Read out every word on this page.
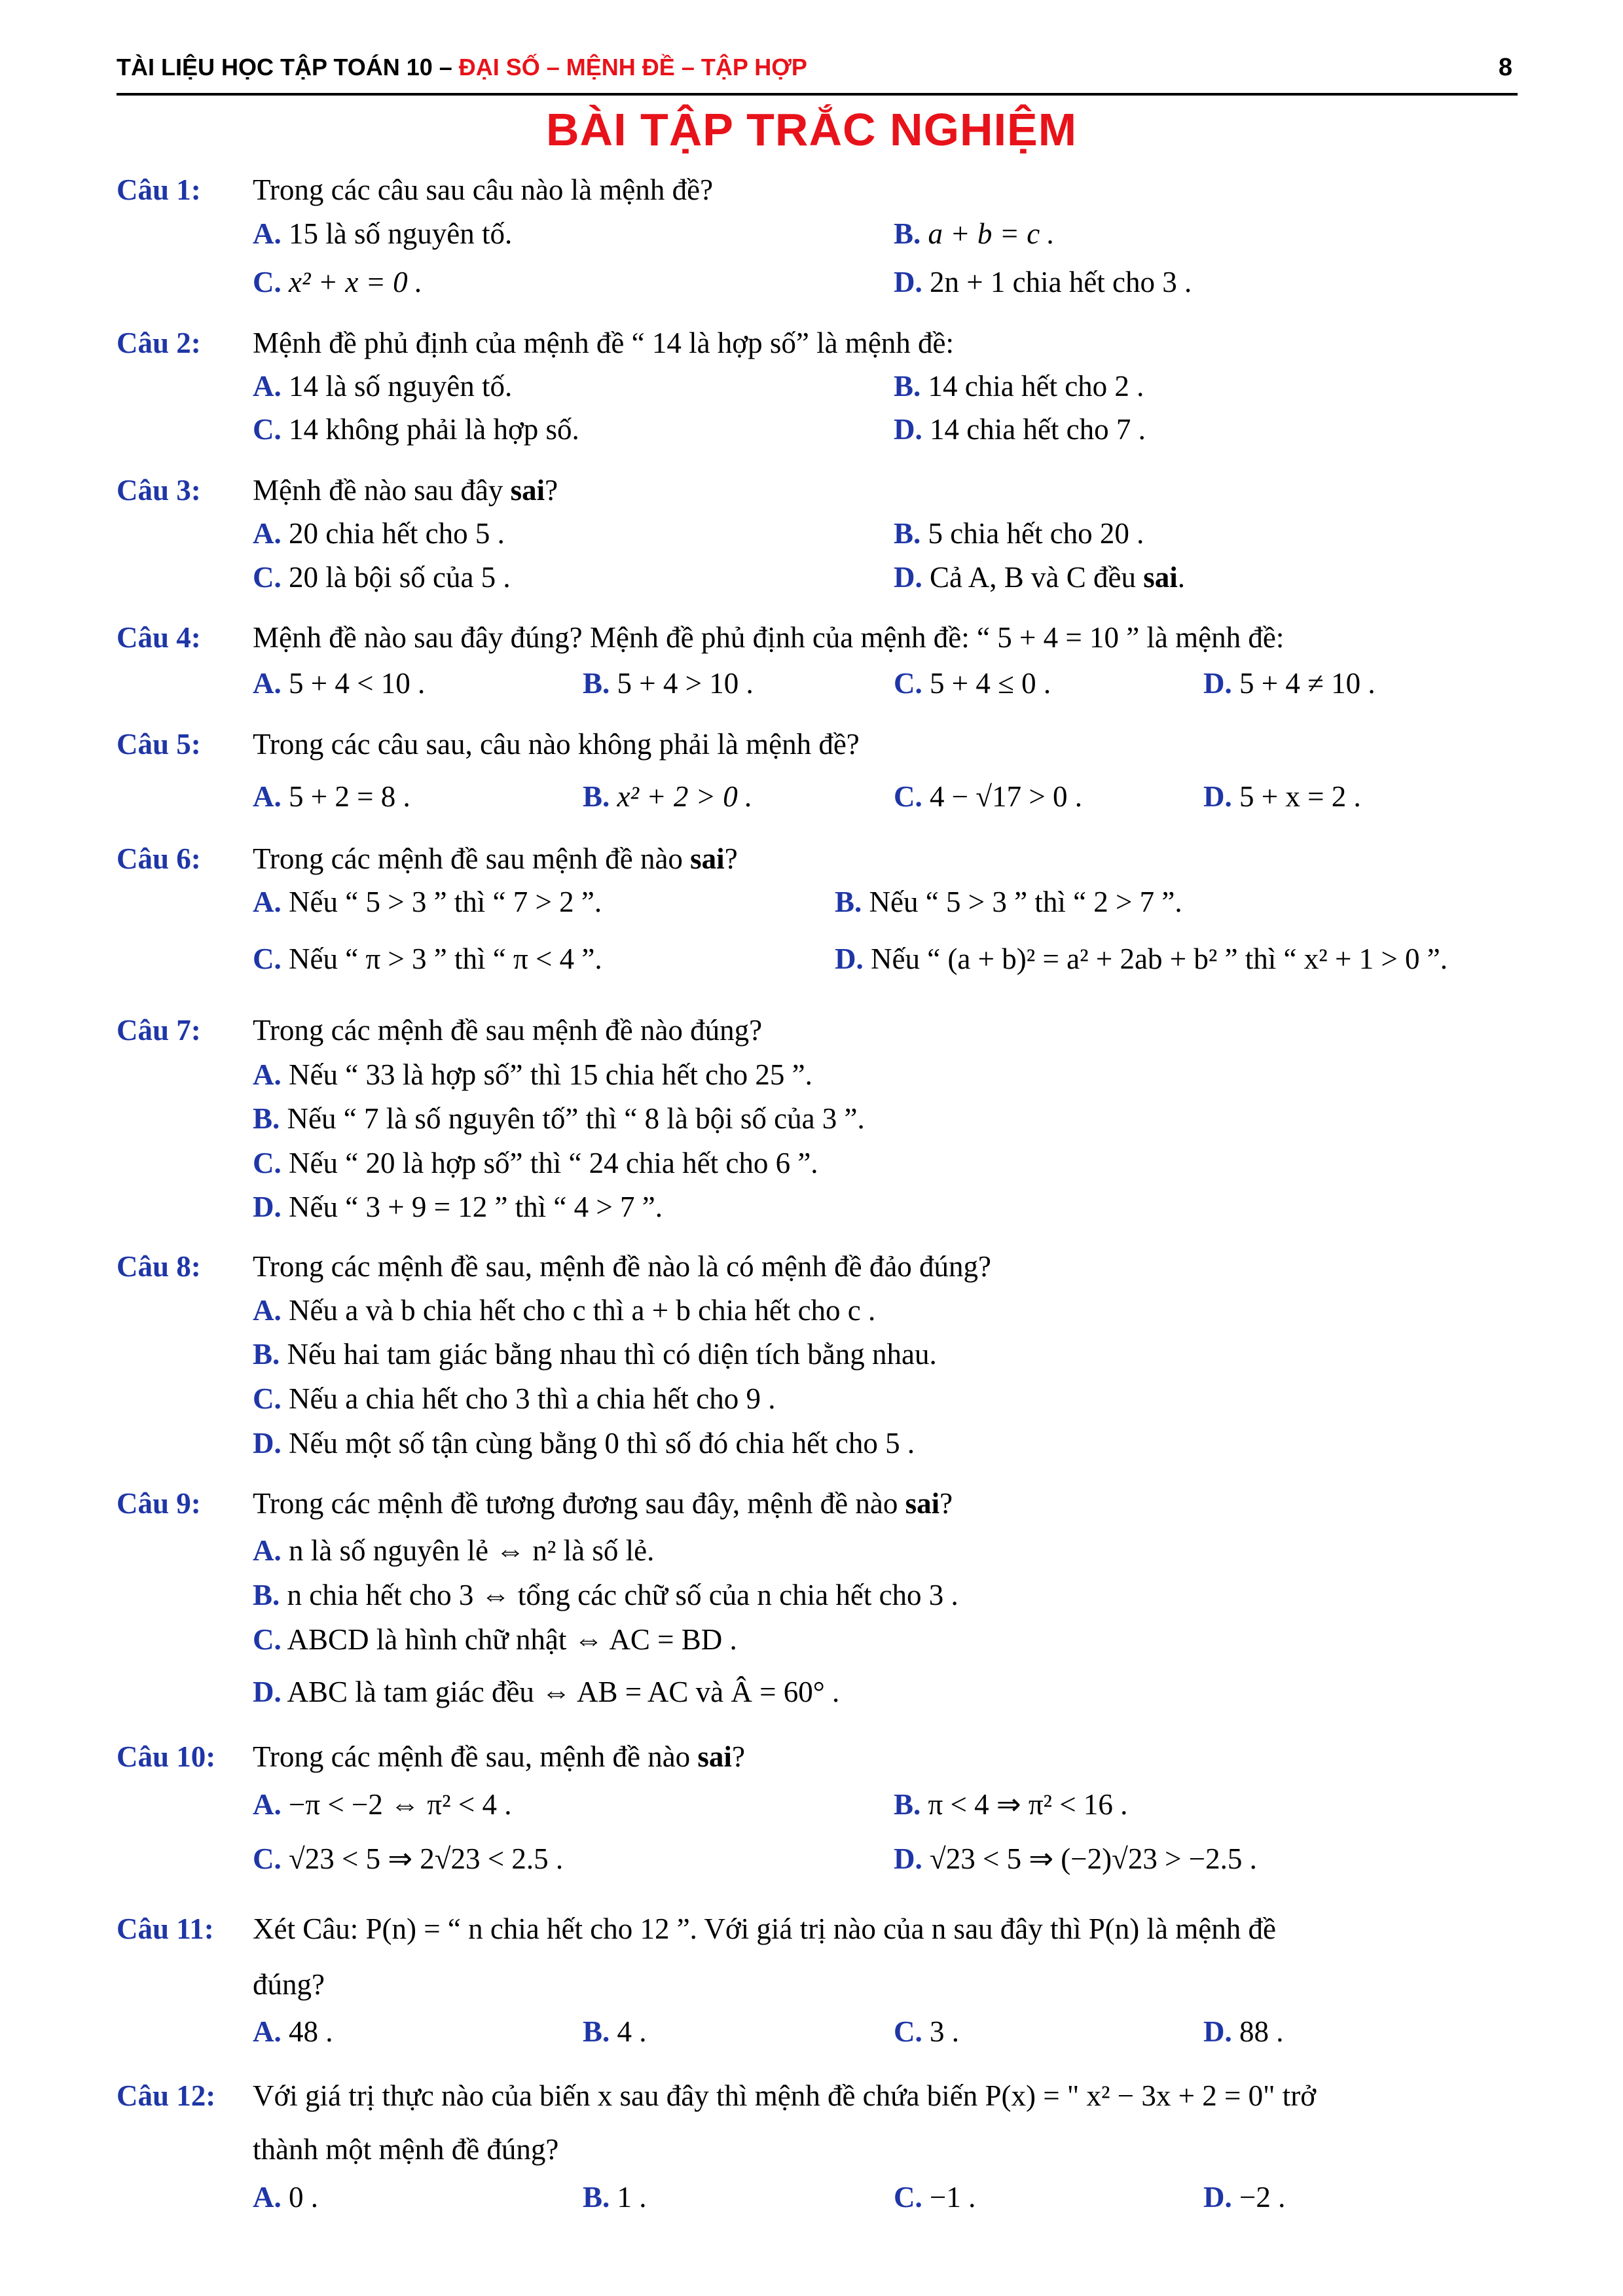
TÀI LIỆU HỌC TẬP TOÁN 10 – ĐẠI SỐ – MỆNH ĐỀ – TẬP HỢP	8
BÀI TẬP TRẮC NGHIỆM
Câu 1: Trong các câu sau câu nào là mệnh đề?
A. 15 là số nguyên tố.	B. a + b = c .
C. x² + x = 0 .	D. 2n + 1 chia hết cho 3 .
Câu 2: Mệnh đề phủ định của mệnh đề “ 14 là hợp số” là mệnh đề:
A. 14 là số nguyên tố.	B. 14 chia hết cho 2 .
C. 14 không phải là hợp số.	D. 14 chia hết cho 7 .
Câu 3: Mệnh đề nào sau đây sai?
A. 20 chia hết cho 5 .	B. 5 chia hết cho 20 .
C. 20 là bội số của 5 .	D. Cả A, B và C đều sai.
Câu 4: Mệnh đề nào sau đây đúng? Mệnh đề phủ định của mệnh đề: “ 5 + 4 = 10 ” là mệnh đề:
A. 5 + 4 < 10 .	B. 5 + 4 > 10 .	C. 5 + 4 ≤ 0 .	D. 5 + 4 ≠ 10 .
Câu 5: Trong các câu sau, câu nào không phải là mệnh đề?
A. 5 + 2 = 8 .	B. x² + 2 > 0 .	C. 4 − √17 > 0 .	D. 5 + x = 2 .
Câu 6: Trong các mệnh đề sau mệnh đề nào sai?
A. Nếu “ 5 > 3 ” thì “ 7 > 2 ”.	B. Nếu “ 5 > 3 ” thì “ 2 > 7 ”.
C. Nếu “ π > 3 ” thì “ π < 4 ”.	D. Nếu “ (a + b)² = a² + 2ab + b² ” thì “ x² + 1 > 0 ”.
Câu 7: Trong các mệnh đề sau mệnh đề nào đúng?
A. Nếu “ 33 là hợp số” thì 15 chia hết cho 25 ”.
B. Nếu “ 7 là số nguyên tố” thì “ 8 là bội số của 3 ”.
C. Nếu “ 20 là hợp số” thì “ 24 chia hết cho 6 ”.
D. Nếu “ 3 + 9 = 12 ” thì “ 4 > 7 ”.
Câu 8: Trong các mệnh đề sau, mệnh đề nào là có mệnh đề đảo đúng?
A. Nếu a và b chia hết cho c thì a + b chia hết cho c .
B. Nếu hai tam giác bằng nhau thì có diện tích bằng nhau.
C. Nếu a chia hết cho 3 thì a chia hết cho 9 .
D. Nếu một số tận cùng bằng 0 thì số đó chia hết cho 5 .
Câu 9: Trong các mệnh đề tương đương sau đây, mệnh đề nào sai?
A. n là số nguyên lẻ ⇔ n² là số lẻ.
B. n chia hết cho 3 ⇔ tổng các chữ số của n chia hết cho 3 .
C. ABCD là hình chữ nhật ⇔ AC = BD .
D. ABC là tam giác đều ⇔ AB = AC và Â = 60° .
Câu 10: Trong các mệnh đề sau, mệnh đề nào sai?
A. −π < −2 ⇔ π² < 4 .	B. π < 4 ⇒ π² < 16 .
C. √23 < 5 ⇒ 2√23 < 2.5 .	D. √23 < 5 ⇒ (−2)√23 > −2.5 .
Câu 11: Xét Câu: P(n) = “ n chia hết cho 12 ”. Với giá trị nào của n sau đây thì P(n) là mệnh đề
đúng?
A. 48 .	B. 4 .	C. 3 .	D. 88 .
Câu 12: Với giá trị thực nào của biến x sau đây thì mệnh đề chứa biến P(x) = " x² − 3x + 2 = 0" trở
thành một mệnh đề đúng?
A. 0 .	B. 1 .	C. −1 .	D. −2 .
